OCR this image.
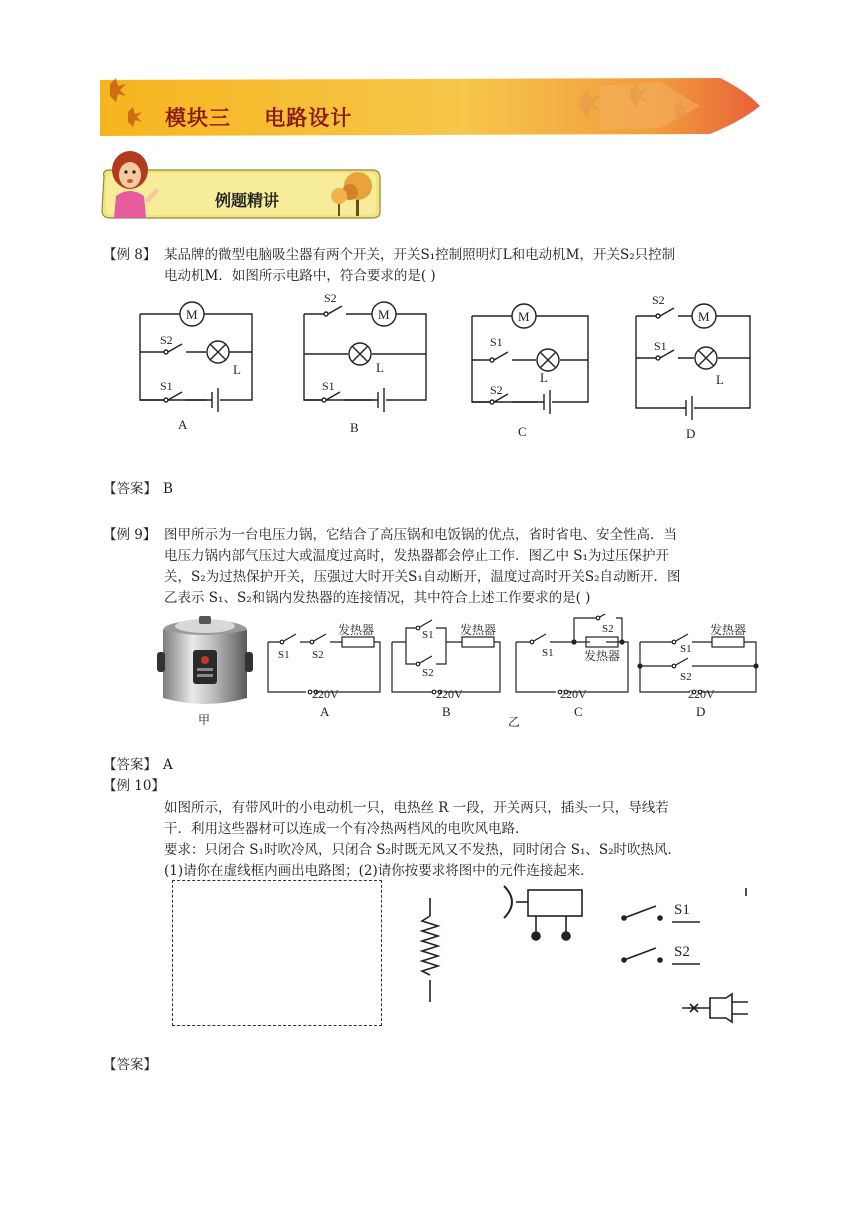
模块三    电路设计
例题精讲
【例 8】 某品牌的微型电脑吸尘器有两个开关，开关S₁控制照明灯L和电动机M，开关S₂只控制
电动机M．如图所示电路中，符合要求的是( )
M	M	M	M
L	L
L	L
S2
S1
S2
S1
S1
S2
S2
S1
A	B	C	D
【答案】 B
【例 9】 图甲所示为一台电压力锅，它结合了高压锅和电饭锅的优点，省时省电、安全性高．当
电压力锅内部气压过大或温度过高时，发热器都会停止工作．图乙中 S₁为过压保护开
关，S₂为过热保护开关，压强过大时开关S₁自动断开，温度过高时开关S₂自动断开．图
乙表示 S₁、S₂和锅内发热器的连接情况，其中符合上述工作要求的是( )
S1 S2
S1
S2
S1
S2
S1
S2
发热器	发热器
发热器
发热器
220V	220V	220V	220V
A	B	C	D
甲	乙
【答案】 A
【例 10】
如图所示，有带风叶的小电动机一只，电热丝 R 一段，开关两只，插头一只，导线若
干．利用这些器材可以连成一个有冷热两档风的电吹风电路．
要求：只闭合 S₁时吹冷风，只闭合 S₂时既无风又不发热，同时闭合 S₁、S₂时吹热风．
(1)请你在虚线框内画出电路图；(2)请你按要求将图中的元件连接起来．
S1
S2
【答案】
